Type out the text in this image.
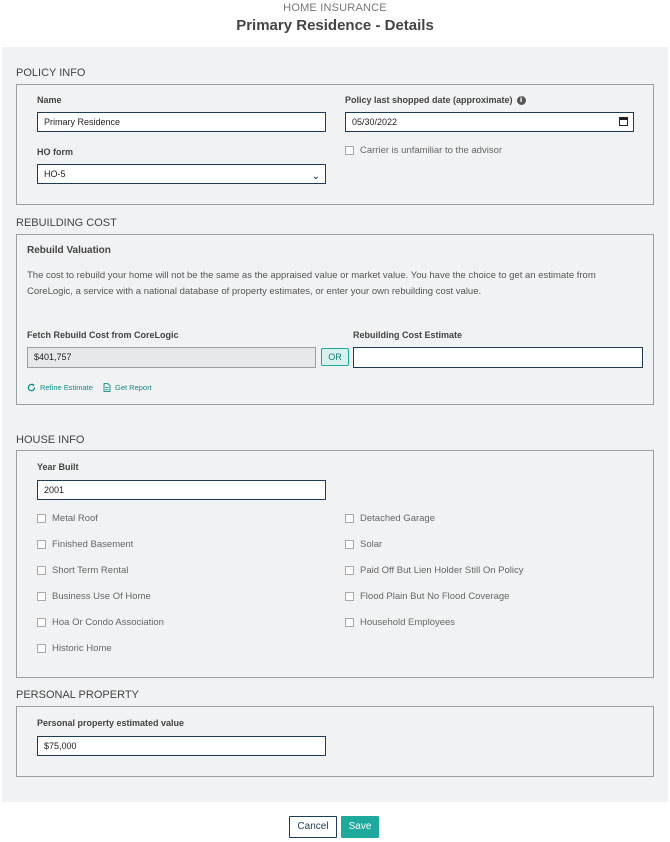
HOME INSURANCE
Primary Residence - Details
POLICY INFO
Name
Primary Residence
Policy last shopped date (approximate) i
05/30/2022
HO form
HO-5	⌄
Carrier is unfamiliar to the advisor
REBUILDING COST
Rebuild Valuation
The cost to rebuild your home will not be the same as the appraised value or market value. You have the choice to get an estimate from
CoreLogic, a service with a national database of property estimates, or enter your own rebuilding cost value.
Fetch Rebuild Cost from CoreLogic
$401,757	OR
Rebuilding Cost Estimate
Refine Estimate	Get Report
HOUSE INFO
Year Built
2001
Metal Roof
Finished Basement
Short Term Rental
Business Use Of Home
Hoa Or Condo Association
Historic Home
Detached Garage
Solar
Paid Off But Lien Holder Still On Policy
Flood Plain But No Flood Coverage
Household Employees
PERSONAL PROPERTY
Personal property estimated value
$75,000
Cancel	Save
